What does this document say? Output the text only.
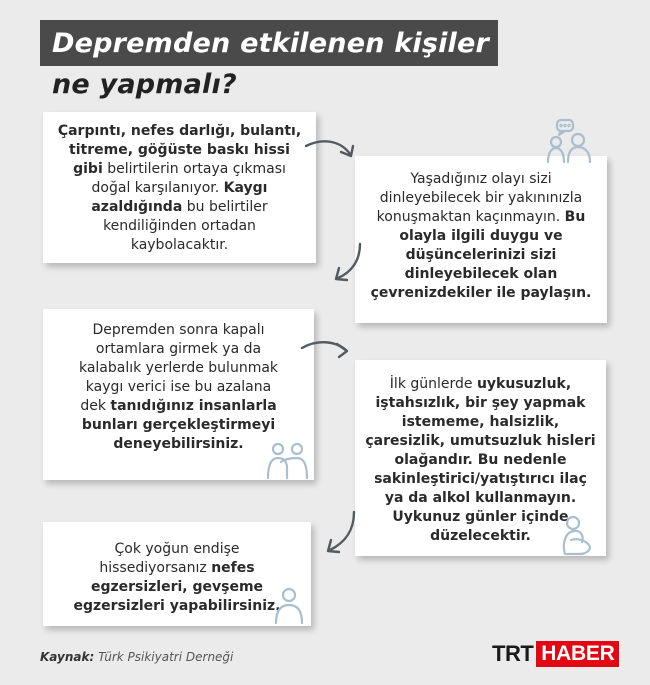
Depremden etkilenen kişiler
ne yapmalı?
Çarpıntı, nefes darlığı, bulantı, titreme, göğüste baskı hissi gibi belirtilerin ortaya çıkması doğal karşılanıyor. Kaygı azaldığında bu belirtiler kendiliğinden ortadan kaybolacaktır.
Yaşadığınız olayı sizi dinleyebilecek bir yakınınızla konuşmaktan kaçınmayın. Bu olayla ilgili duygu ve düşüncelerinizi sizi dinleyebilecek olan çevrenizdekiler ile paylaşın.
Depremden sonra kapalı ortamlara girmek ya da kalabalık yerlerde bulunmak kaygı verici ise bu azalana dek tanıdığınız insanlarla bunları gerçekleştirmeyi deneyebilirsiniz.
İlk günlerde uykusuzluk, iştahsızlık, bir şey yapmak istememe, halsizlik, çaresizlik, umutsuzluk hisleri olağandır. Bu nedenle sakinleştirici/yatıştırıcı ilaç ya da alkol kullanmayın. Uykunuz günler içinde düzelecektir.
Çok yoğun endişe hissediyorsanız nefes egzersizleri, gevşeme egzersizleri yapabilirsiniz.
Kaynak: Türk Psikiyatri Derneği	TRT HABER
